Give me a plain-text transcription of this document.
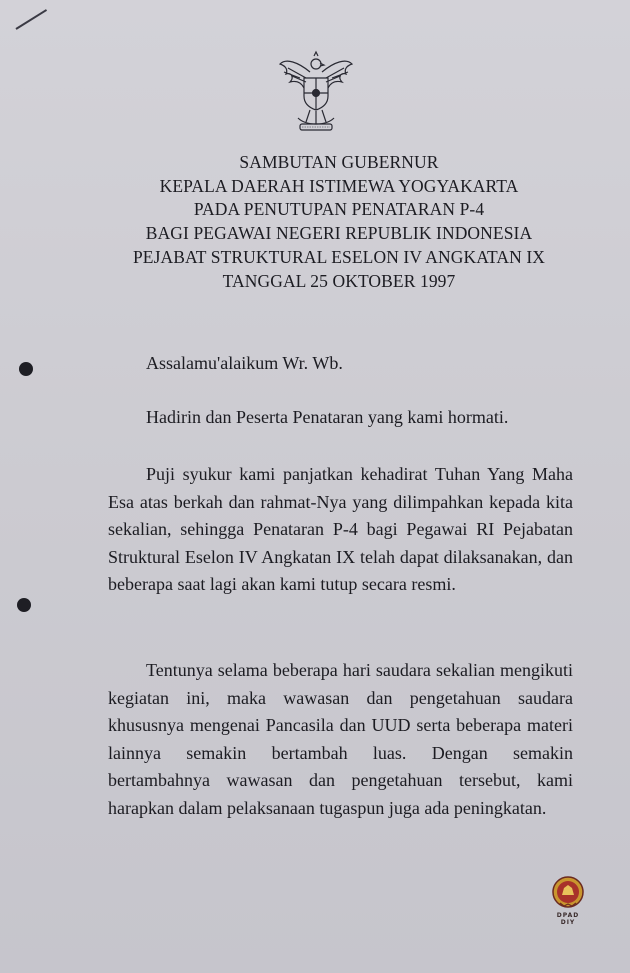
SAMBUTAN GUBERNUR
KEPALA DAERAH ISTIMEWA YOGYAKARTA
PADA PENUTUPAN PENATARAN P-4
BAGI PEGAWAI NEGERI REPUBLIK INDONESIA
PEJABAT STRUKTURAL ESELON IV ANGKATAN IX
TANGGAL 25 OKTOBER 1997
Assalamu'alaikum Wr. Wb.
Hadirin dan Peserta Penataran yang kami hormati.
Puji syukur kami panjatkan kehadirat Tuhan Yang Maha Esa atas berkah dan rahmat-Nya yang dilimpahkan kepada kita sekalian, sehingga Penataran P-4 bagi Pegawai RI Pejabatan Struktural Eselon IV Angkatan IX telah dapat dilaksanakan, dan beberapa saat lagi akan kami tutup secara resmi.
Tentunya selama beberapa hari saudara sekalian mengikuti kegiatan ini, maka wawasan dan pengetahuan saudara khususnya mengenai Pancasila dan UUD serta beberapa materi lainnya semakin bertambah luas. Dengan semakin bertambahnya wawasan dan pengetahuan tersebut, kami harapkan dalam pelaksanaan tugaspun juga ada peningkatan.
DPAD
DIY
